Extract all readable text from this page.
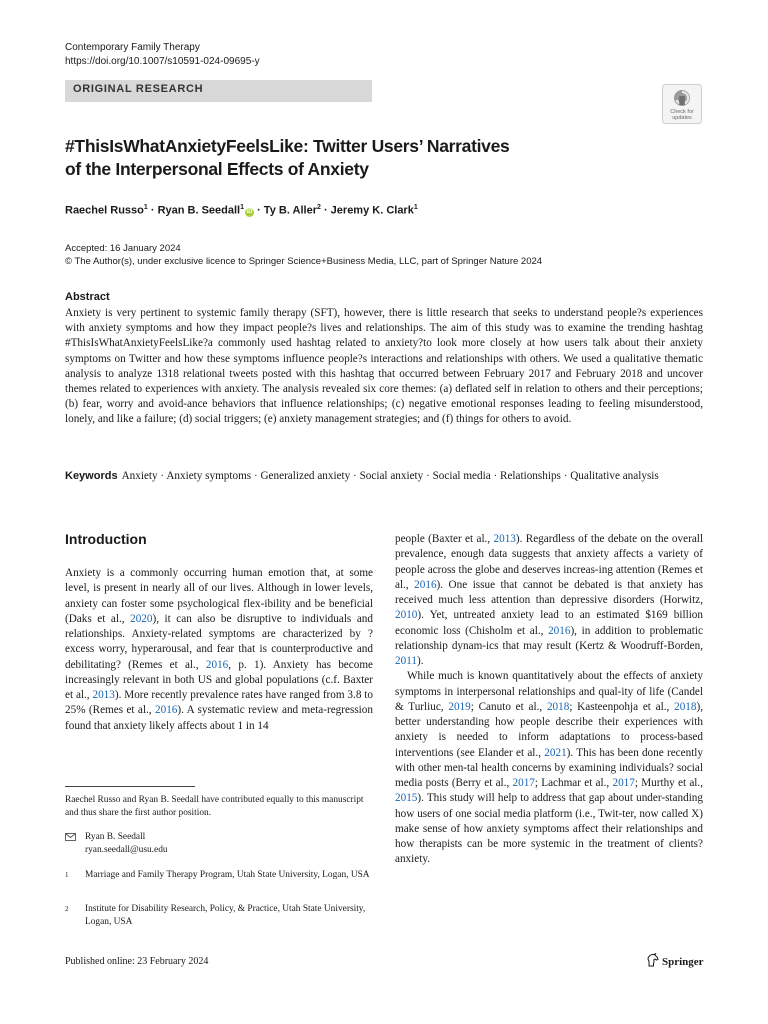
Contemporary Family Therapy
https://doi.org/10.1007/s10591-024-09695-y
ORIGINAL RESEARCH
Check for
updates
#ThisIsWhatAnxietyFeelsLike: Twitter Users’ Narratives
of the Interpersonal Effects of Anxiety
Raechel Russo$^1$ · Ryan B. Seedall$^1$iD · Ty B. Aller$^2$ · Jeremy K. Clark$^1$
Accepted: 16 January 2024
© The Author(s), under exclusive licence to Springer Science+Business Media, LLC, part of Springer Nature 2024
Abstract
Anxiety is very pertinent to systemic family therapy (SFT), however, there is little research that seeks to understand people?s experiences with anxiety symptoms and how they impact people?s lives and relationships. The aim of this study was to examine the trending hashtag #ThisIsWhatAnxietyFeelsLike?a commonly used hashtag related to anxiety?to look more closely at how users talk about their anxiety symptoms on Twitter and how these symptoms influence people?s interactions and relationships with others. We used a qualitative thematic analysis to analyze 1318 relational tweets posted with this hashtag that occurred between February 2017 and February 2018 and uncover themes related to experiences with anxiety. The analysis revealed six core themes: (a) deflated self in relation to others and their perceptions; (b) fear, worry and avoid-ance behaviors that influence relationships; (c) negative emotional responses leading to feeling misunderstood, lonely, and like a failure; (d) social triggers; (e) anxiety management strategies; and (f) things for others to avoid.
Keywords Anxiety · Anxiety symptoms · Generalized anxiety · Social anxiety · Social media · Relationships · Qualitative analysis
Introduction

Anxiety is a commonly occurring human emotion that, at some level, is present in nearly all of our lives. Although in lower levels, anxiety can foster some psychological flex-ibility and be beneficial (Daks et al., 2020), it can also be disruptive to individuals and relationships. Anxiety-related symptoms are characterized by ?excess worry, hyperarousal, and fear that is counterproductive and debilitating? (Remes et al., 2016, p. 1). Anxiety has become increasingly relevant in both US and global populations (c.f. Baxter et al., 2013). More recently prevalence rates have ranged from 3.8 to 25% (Remes et al., 2016). A systematic review and meta-regression found that anxiety likely affects about 1 in 14

people (Baxter et al., 2013). Regardless of the debate on the overall prevalence, enough data suggests that anxiety affects a variety of people across the globe and deserves increas-ing attention (Remes et al., 2016). One issue that cannot be debated is that anxiety has received much less attention than depressive disorders (Horwitz, 2010). Yet, untreated anxiety lead to an estimated $169 billion economic loss (Chisholm et al., 2016), in addition to problematic relationship dynam-ics that may result (Kertz & Woodruff-Borden, 2011).

While much is known quantitatively about the effects of anxiety symptoms in interpersonal relationships and qual-ity of life (Candel & Turliuc, 2019; Canuto et al., 2018; Kasteenpohja et al., 2018), better understanding how people describe their experiences with anxiety is needed to inform adaptations to process-based interventions (see Elander et al., 2021). This has been done recently with other men-tal health concerns by examining individuals? social media posts (Berry et al., 2017; Lachmar et al., 2017; Murthy et al., 2015). This study will help to address that gap about under-standing how users of one social media platform (i.e., Twit-ter, now called X) make sense of how anxiety symptoms affect their relationships and how therapists can be more systemic in the treatment of clients? anxiety.

Raechel Russo and Ryan B. Seedall have contributed equally to this manuscript and thus share the first author position.
Ryan B. Seedall
ryan.seedall@usu.edu
1 Marriage and Family Therapy Program, Utah State University, Logan, USA
2 Institute for Disability Research, Policy, & Practice, Utah State University, Logan, USA
Published online: 23 February 2024	Springer
